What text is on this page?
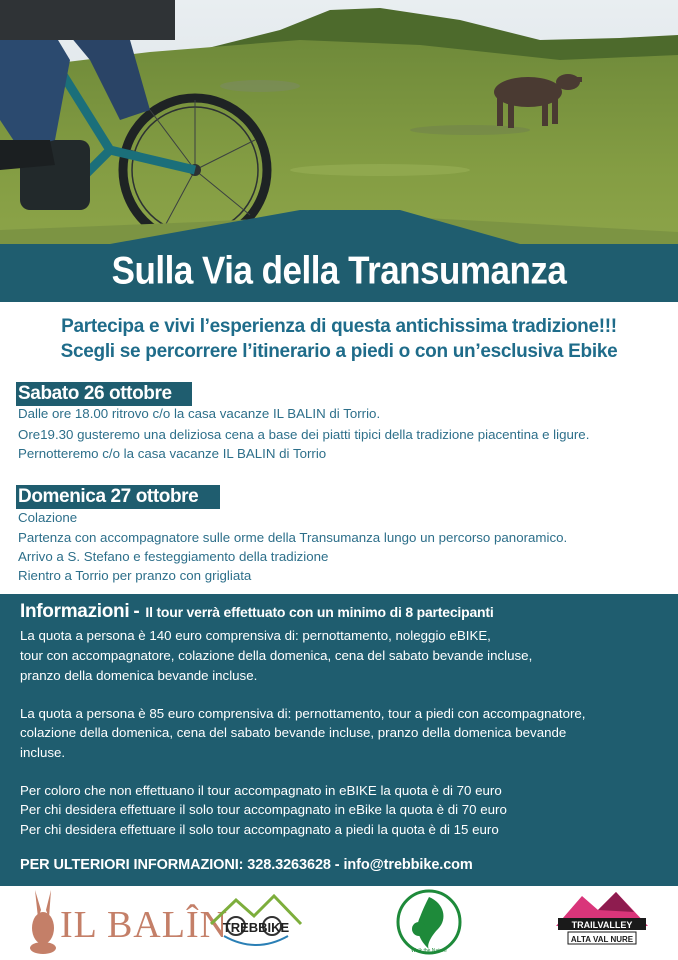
Sulla Via della Transumanza
Partecipa e vivi l’esperienza di questa antichissima tradizione!!!
Scegli se percorrere l’itinerario a piedi o con un’esclusiva Ebike
Sabato 26 ottobre
Dalle ore 18.00 ritrovo c/o la casa vacanze IL BALIN di Torrio.
Ore19.30 gusteremo una deliziosa cena a base dei piatti tipici della tradizione piacentina e ligure.
Pernotteremo c/o la casa vacanze IL BALIN di Torrio
Domenica 27 ottobre
Colazione
Partenza con accompagnatore sulle orme della Transumanza lungo un percorso panoramico.
Arrivo a S. Stefano e festeggiamento della tradizione
Rientro a Torrio per pranzo con grigliata
Informazioni - Il tour verrà effettuato con un minimo di 8 partecipanti
La quota a persona è 140 euro comprensiva di: pernottamento, noleggio eBIKE,
tour con accompagnatore, colazione della domenica, cena del sabato bevande incluse,
pranzo della domenica bevande incluse.
La quota a persona è 85 euro comprensiva di: pernottamento, tour a piedi con accompagnatore,
colazione della domenica, cena del sabato bevande incluse, pranzo della domenica bevande
incluse.
Per coloro che non effettuano il tour accompagnato in eBIKE la quota è di 70 euro
Per chi desidera effettuare il solo tour accompagnato in eBike la quota è di 70 euro
Per chi desidera effettuare il solo tour accompagnato a piedi la quota è di 15 euro
PER ULTERIORI INFORMAZIONI: 328.3263628 - info@trebbike.com
IL BALÎN
TREBBIKE
Walk the Nature
TRAILVALLEY
ALTA VAL NURE
